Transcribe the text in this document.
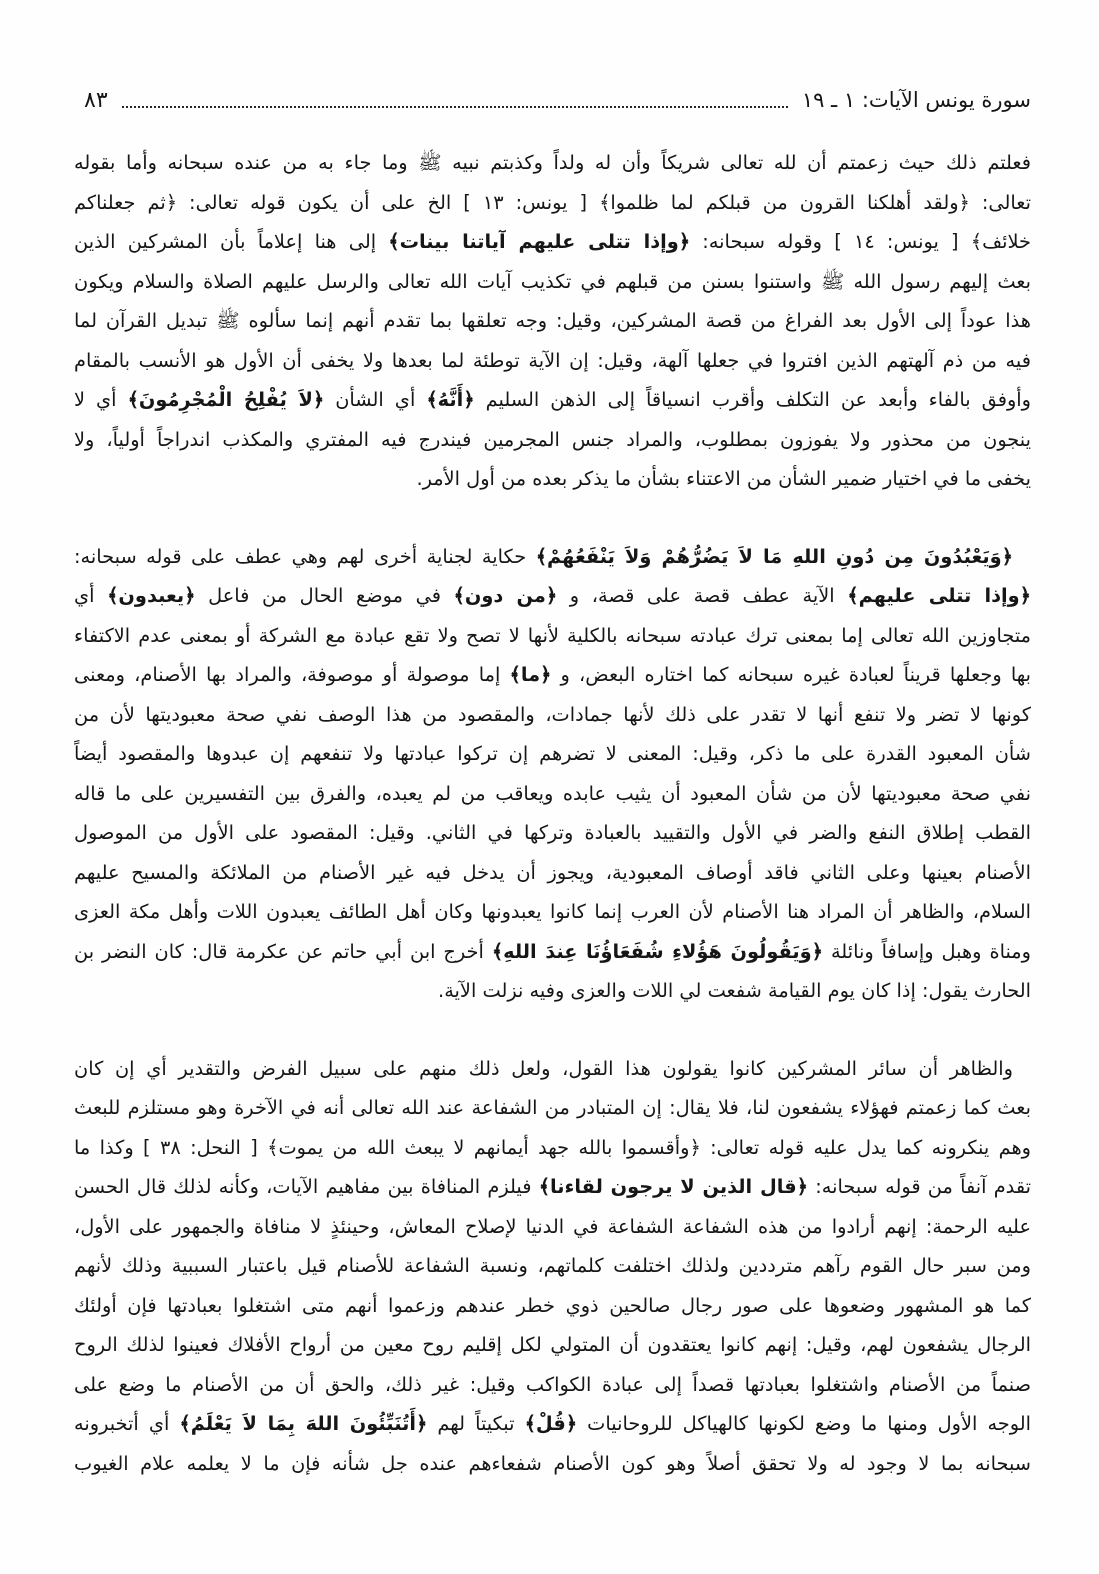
سورة يونس الآيات: ١ ـ ١٩
٨٣
فعلتم ذلك حيث زعمتم أن لله تعالى شريكاً وأن له ولداً وكذبتم نبيه ﷺ وما جاء به من عنده سبحانه وأما بقوله
تعالى: ﴿ولقد أهلكنا القرون من قبلكم لما ظلموا﴾ [ يونس: ١٣ ] الخ على أن يكون قوله تعالى: ﴿ثم جعلناكم
خلائف﴾ [ يونس: ١٤ ] وقوله سبحانه: ﴿وإذا تتلى عليهم آياتنا بينات﴾ إلى هنا إعلاماً بأن المشركين الذين
بعث إليهم رسول الله ﷺ واستنوا بسنن من قبلهم في تكذيب آيات الله تعالى والرسل عليهم الصلاة والسلام ويكون
هذا عوداً إلى الأول بعد الفراغ من قصة المشركين، وقيل: وجه تعلقها بما تقدم أنهم إنما سألوه ﷺ تبديل القرآن لما
فيه من ذم آلهتهم الذين افتروا في جعلها آلهة، وقيل: إن الآية توطئة لما بعدها ولا يخفى أن الأول هو الأنسب بالمقام
وأوفق بالفاء وأبعد عن التكلف وأقرب انسياقاً إلى الذهن السليم ﴿أَنَّهُ﴾ أي الشأن ﴿لاَ يُفْلِحُ الْمُجْرِمُونَ﴾ أي لا
ينجون من محذور ولا يفوزون بمطلوب، والمراد جنس المجرمين فيندرج فيه المفتري والمكذب اندراجاً أولياً، ولا
يخفى ما في اختيار ضمير الشأن من الاعتناء بشأن ما يذكر بعده من أول الأمر.
﴿وَيَعْبُدُونَ مِن دُونِ اللهِ مَا لاَ يَضُرُّهُمْ وَلاَ يَنْفَعُهُمْ﴾ حكاية لجناية أخرى لهم وهي عطف على قوله سبحانه:
﴿وإذا تتلى عليهم﴾ الآية عطف قصة على قصة، و ﴿من دون﴾ في موضع الحال من فاعل ﴿يعبدون﴾ أي
متجاوزين الله تعالى إما بمعنى ترك عبادته سبحانه بالكلية لأنها لا تصح ولا تقع عبادة مع الشركة أو بمعنى عدم الاكتفاء
بها وجعلها قريناً لعبادة غيره سبحانه كما اختاره البعض، و ﴿ما﴾ إما موصولة أو موصوفة، والمراد بها الأصنام، ومعنى
كونها لا تضر ولا تنفع أنها لا تقدر على ذلك لأنها جمادات، والمقصود من هذا الوصف نفي صحة معبوديتها لأن من
شأن المعبود القدرة على ما ذكر، وقيل: المعنى لا تضرهم إن تركوا عبادتها ولا تنفعهم إن عبدوها والمقصود أيضاً
نفي صحة معبوديتها لأن من شأن المعبود أن يثيب عابده ويعاقب من لم يعبده، والفرق بين التفسيرين على ما قاله
القطب إطلاق النفع والضر في الأول والتقييد بالعبادة وتركها في الثاني. وقيل: المقصود على الأول من الموصول
الأصنام بعينها وعلى الثاني فاقد أوصاف المعبودية، ويجوز أن يدخل فيه غير الأصنام من الملائكة والمسيح عليهم
السلام، والظاهر أن المراد هنا الأصنام لأن العرب إنما كانوا يعبدونها وكان أهل الطائف يعبدون اللات وأهل مكة العزى
ومناة وهبل وإسافاً ونائلة ﴿وَيَقُولُونَ هَؤُلاءِ شُفَعَاؤُنَا عِندَ اللهِ﴾ أخرج ابن أبي حاتم عن عكرمة قال: كان النضر بن
الحارث يقول: إذا كان يوم القيامة شفعت لي اللات والعزى وفيه نزلت الآية.
والظاهر أن سائر المشركين كانوا يقولون هذا القول، ولعل ذلك منهم على سبيل الفرض والتقدير أي إن كان
بعث كما زعمتم فهؤلاء يشفعون لنا، فلا يقال: إن المتبادر من الشفاعة عند الله تعالى أنه في الآخرة وهو مستلزم للبعث
وهم ينكرونه كما يدل عليه قوله تعالى: ﴿وأقسموا بالله جهد أيمانهم لا يبعث الله من يموت﴾ [ النحل: ٣٨ ] وكذا ما
تقدم آنفاً من قوله سبحانه: ﴿قال الذين لا يرجون لقاءنا﴾ فيلزم المنافاة بين مفاهيم الآيات، وكأنه لذلك قال الحسن
عليه الرحمة: إنهم أرادوا من هذه الشفاعة الشفاعة في الدنيا لإصلاح المعاش، وحينئذٍ لا منافاة والجمهور على الأول،
ومن سبر حال القوم رآهم مترددين ولذلك اختلفت كلماتهم، ونسبة الشفاعة للأصنام قيل باعتبار السببية وذلك لأنهم
كما هو المشهور وضعوها على صور رجال صالحين ذوي خطر عندهم وزعموا أنهم متى اشتغلوا بعبادتها فإن أولئك
الرجال يشفعون لهم، وقيل: إنهم كانوا يعتقدون أن المتولي لكل إقليم روح معين من أرواح الأفلاك فعينوا لذلك الروح
صنماً من الأصنام واشتغلوا بعبادتها قصداً إلى عبادة الكواكب وقيل: غير ذلك، والحق أن من الأصنام ما وضع على
الوجه الأول ومنها ما وضع لكونها كالهياكل للروحانيات ﴿قُلْ﴾ تبكيتاً لهم ﴿أَتُنَبِّئُونَ اللهَ بِمَا لاَ يَعْلَمُ﴾ أي أتخبرونه
سبحانه بما لا وجود له ولا تحقق أصلاً وهو كون الأصنام شفعاءهم عنده جل شأنه فإن ما لا يعلمه علام الغيوب
